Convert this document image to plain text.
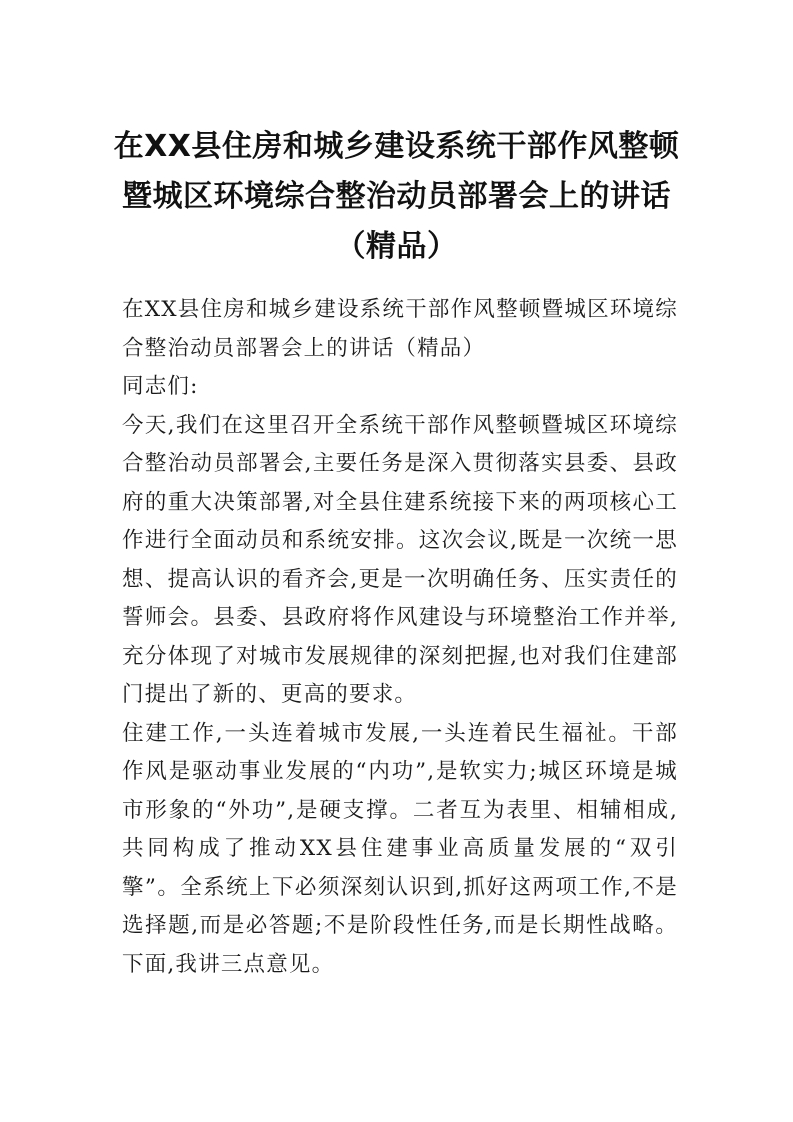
在XX县住房和城乡建设系统干部作风整顿
暨城区环境综合整治动员部署会上的讲话
（精品）

在XX县住房和城乡建设系统干部作风整顿暨城区环境综合整治动员部署会上的讲话（精品）

同志们:

今天,我们在这里召开全系统干部作风整顿暨城区环境综合整治动员部署会,主要任务是深入贯彻落实县委、县政府的重大决策部署,对全县住建系统接下来的两项核心工作进行全面动员和系统安排。这次会议,既是一次统一思想、提高认识的看齐会,更是一次明确任务、压实责任的誓师会。县委、县政府将作风建设与环境整治工作并举,充分体现了对城市发展规律的深刻把握,也对我们住建部门提出了新的、更高的要求。

住建工作,一头连着城市发展,一头连着民生福祉。干部作风是驱动事业发展的“内功”,是软实力;城区环境是城市形象的“外功”,是硬支撑。二者互为表里、相辅相成,共同构成了推动XX县住建事业高质量发展的“双引擎”。全系统上下必须深刻认识到,抓好这两项工作,不是选择题,而是必答题;不是阶段性任务,而是长期性战略。下面,我讲三点意见。
